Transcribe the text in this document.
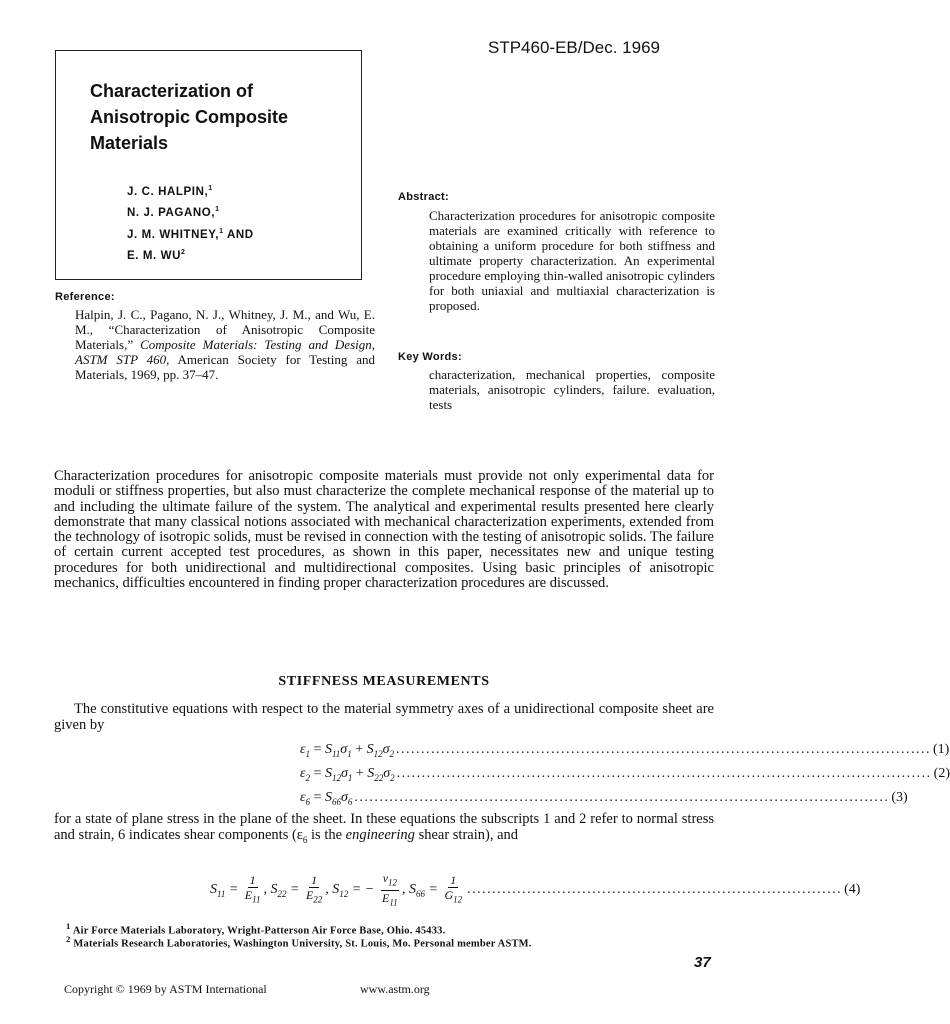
STP460-EB/Dec. 1969
Characterization of Anisotropic Composite Materials
J. C. HALPIN,$^1$
N. J. PAGANO,$^1$
J. M. WHITNEY,$^1$ AND
E. M. $WU^2$
Reference:
Halpin, J. C., Pagano, N. J., Whitney, J. M., and Wu, E. M., “Characterization of Anisotropic Composite Materials,” Composite Materials: Testing and Design, ASTM STP 460, American Society for Testing and Materials, 1969, pp. 37–47.
Abstract:
Characterization procedures for anisotropic composite materials are examined critically with reference to obtaining a uniform procedure for both stiffness and ultimate property characterization. An experimental procedure employing thin-walled anisotropic cylinders for both uniaxial and multiaxial characterization is proposed.
Key Words:
characterization, mechanical properties, composite materials, anisotropic cylinders, failure. evaluation, tests
Characterization procedures for anisotropic composite materials must provide not only experimental data for moduli or stiffness properties, but also must characterize the complete mechanical response of the material up to and including the ultimate failure of the system. The analytical and experimental results presented here clearly demonstrate that many classical notions associated with mechanical characterization experiments, extended from the technology of isotropic solids, must be revised in connection with the testing of anisotropic solids. The failure of certain current accepted test procedures, as shown in this paper, necessitates new and unique testing procedures for both unidirectional and multidirectional composites. Using basic principles of anisotropic mechanics, difficulties encountered in finding proper characterization procedures are discussed.
STIFFNESS MEASUREMENTS
The constitutive equations with respect to the material symmetry axes of a unidirectional composite sheet are given by
$\varepsilon_1 = S_{11}\sigma_1 + S_{12}\sigma_2$ ........................................................................................................... (1)
$\varepsilon_2 = S_{12}\sigma_1 + S_{22}\sigma_2$ ........................................................................................................... (2)
$\varepsilon_6 = S_{66}\sigma_6$ ........................................................................................................... (3)
for a state of plane stress in the plane of the sheet. In these equations the subscripts 1 and 2 refer to normal stress and strain, 6 indicates shear components ($\varepsilon_6$ is the engineering shear strain), and
$S_{11} = \frac{1}{E_{11}}$ , $S_{22} = \frac{1}{E_{22}}$ , $S_{12}$ = − $\frac{\nu_{12}}{E_{11}}$ , $S_{66} = \frac{1}{G_{12}}$ ........................................................................... (4)
$^1$ Air Force Materials Laboratory, Wright-Patterson Air Force Base, Ohio. 45433.
$^2$ Materials Research Laboratories, Washington University, St. Louis, Mo. Personal member ASTM.
37
Copyright © 1969 by ASTM International	www.astm.org
